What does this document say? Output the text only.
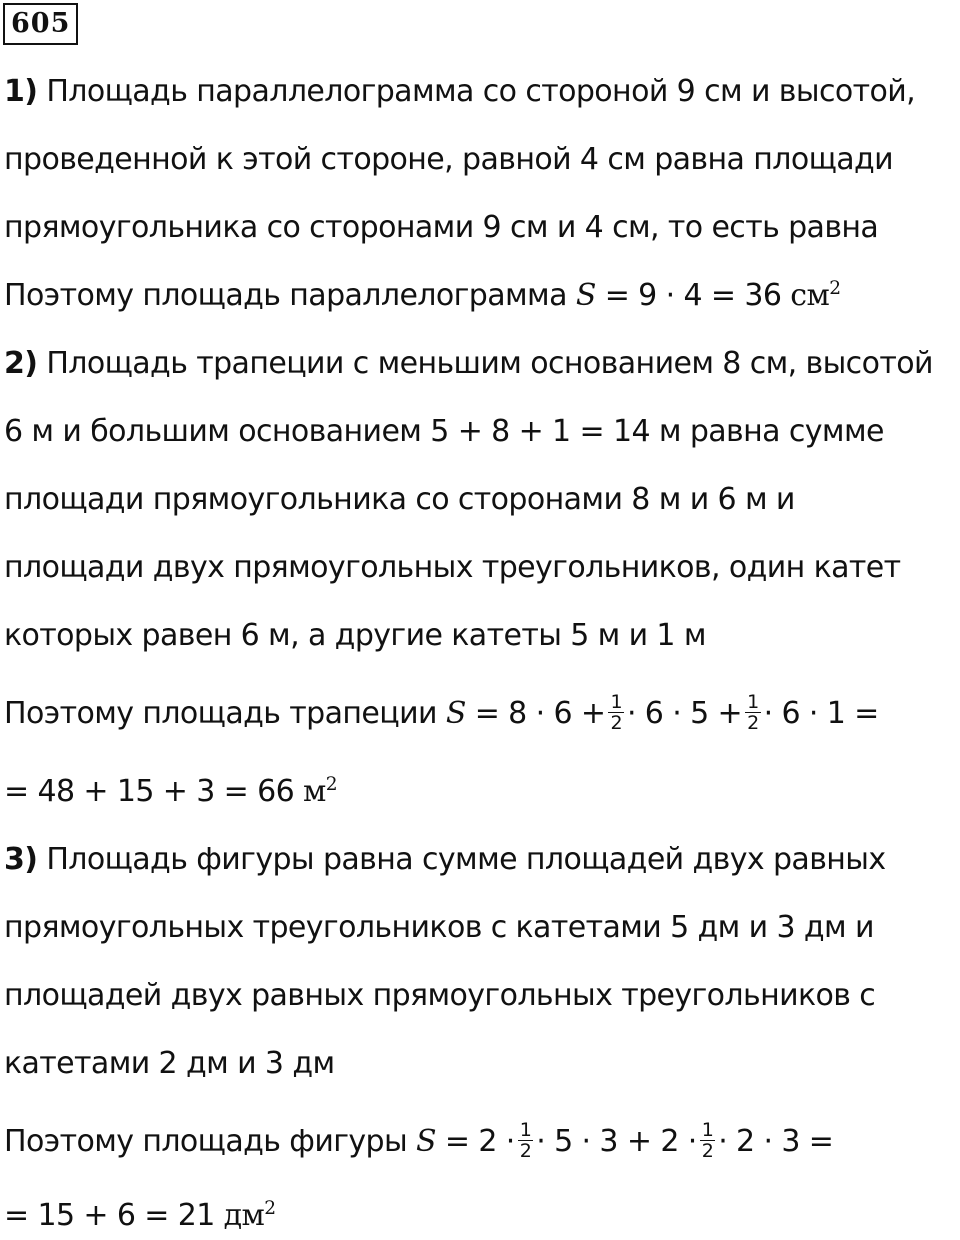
605
1) Площадь параллелограмма со стороной 9 см и высотой,
проведенной к этой стороне, равной 4 см равна площади
прямоугольника со сторонами 9 см и 4 см, то есть равна
Поэтому площадь параллелограмма S = 9 · 4 = 36 $см^2$
2) Площадь трапеции с меньшим основанием 8 см, высотой
6 м и большим основанием 5 + 8 + 1 = 14 м равна сумме
площади прямоугольника со сторонами 8 м и 6 м и
площади двух прямоугольных треугольников, один катет
которых равен 6 м, а другие катеты 5 м и 1 м
Поэтому площадь трапеции $S = 8 \cdot 6 + \frac{1}{2} \cdot 6 \cdot 5 + \frac{1}{2} \cdot 6 \cdot 1$ =
= 48 + 15 + 3 = 66 $м^2$
3) Площадь фигуры равна сумме площадей двух равных
прямоугольных треугольников с катетами 5 дм и 3 дм и
площадей двух равных прямоугольных треугольников с
катетами 2 дм и 3 дм
Поэтому площадь фигуры $S = 2 \cdot \frac{1}{2} \cdot 5 \cdot 3 + 2 \cdot \frac{1}{2} \cdot 2 \cdot 3$ =
= 15 + 6 = 21 $дм^2$
